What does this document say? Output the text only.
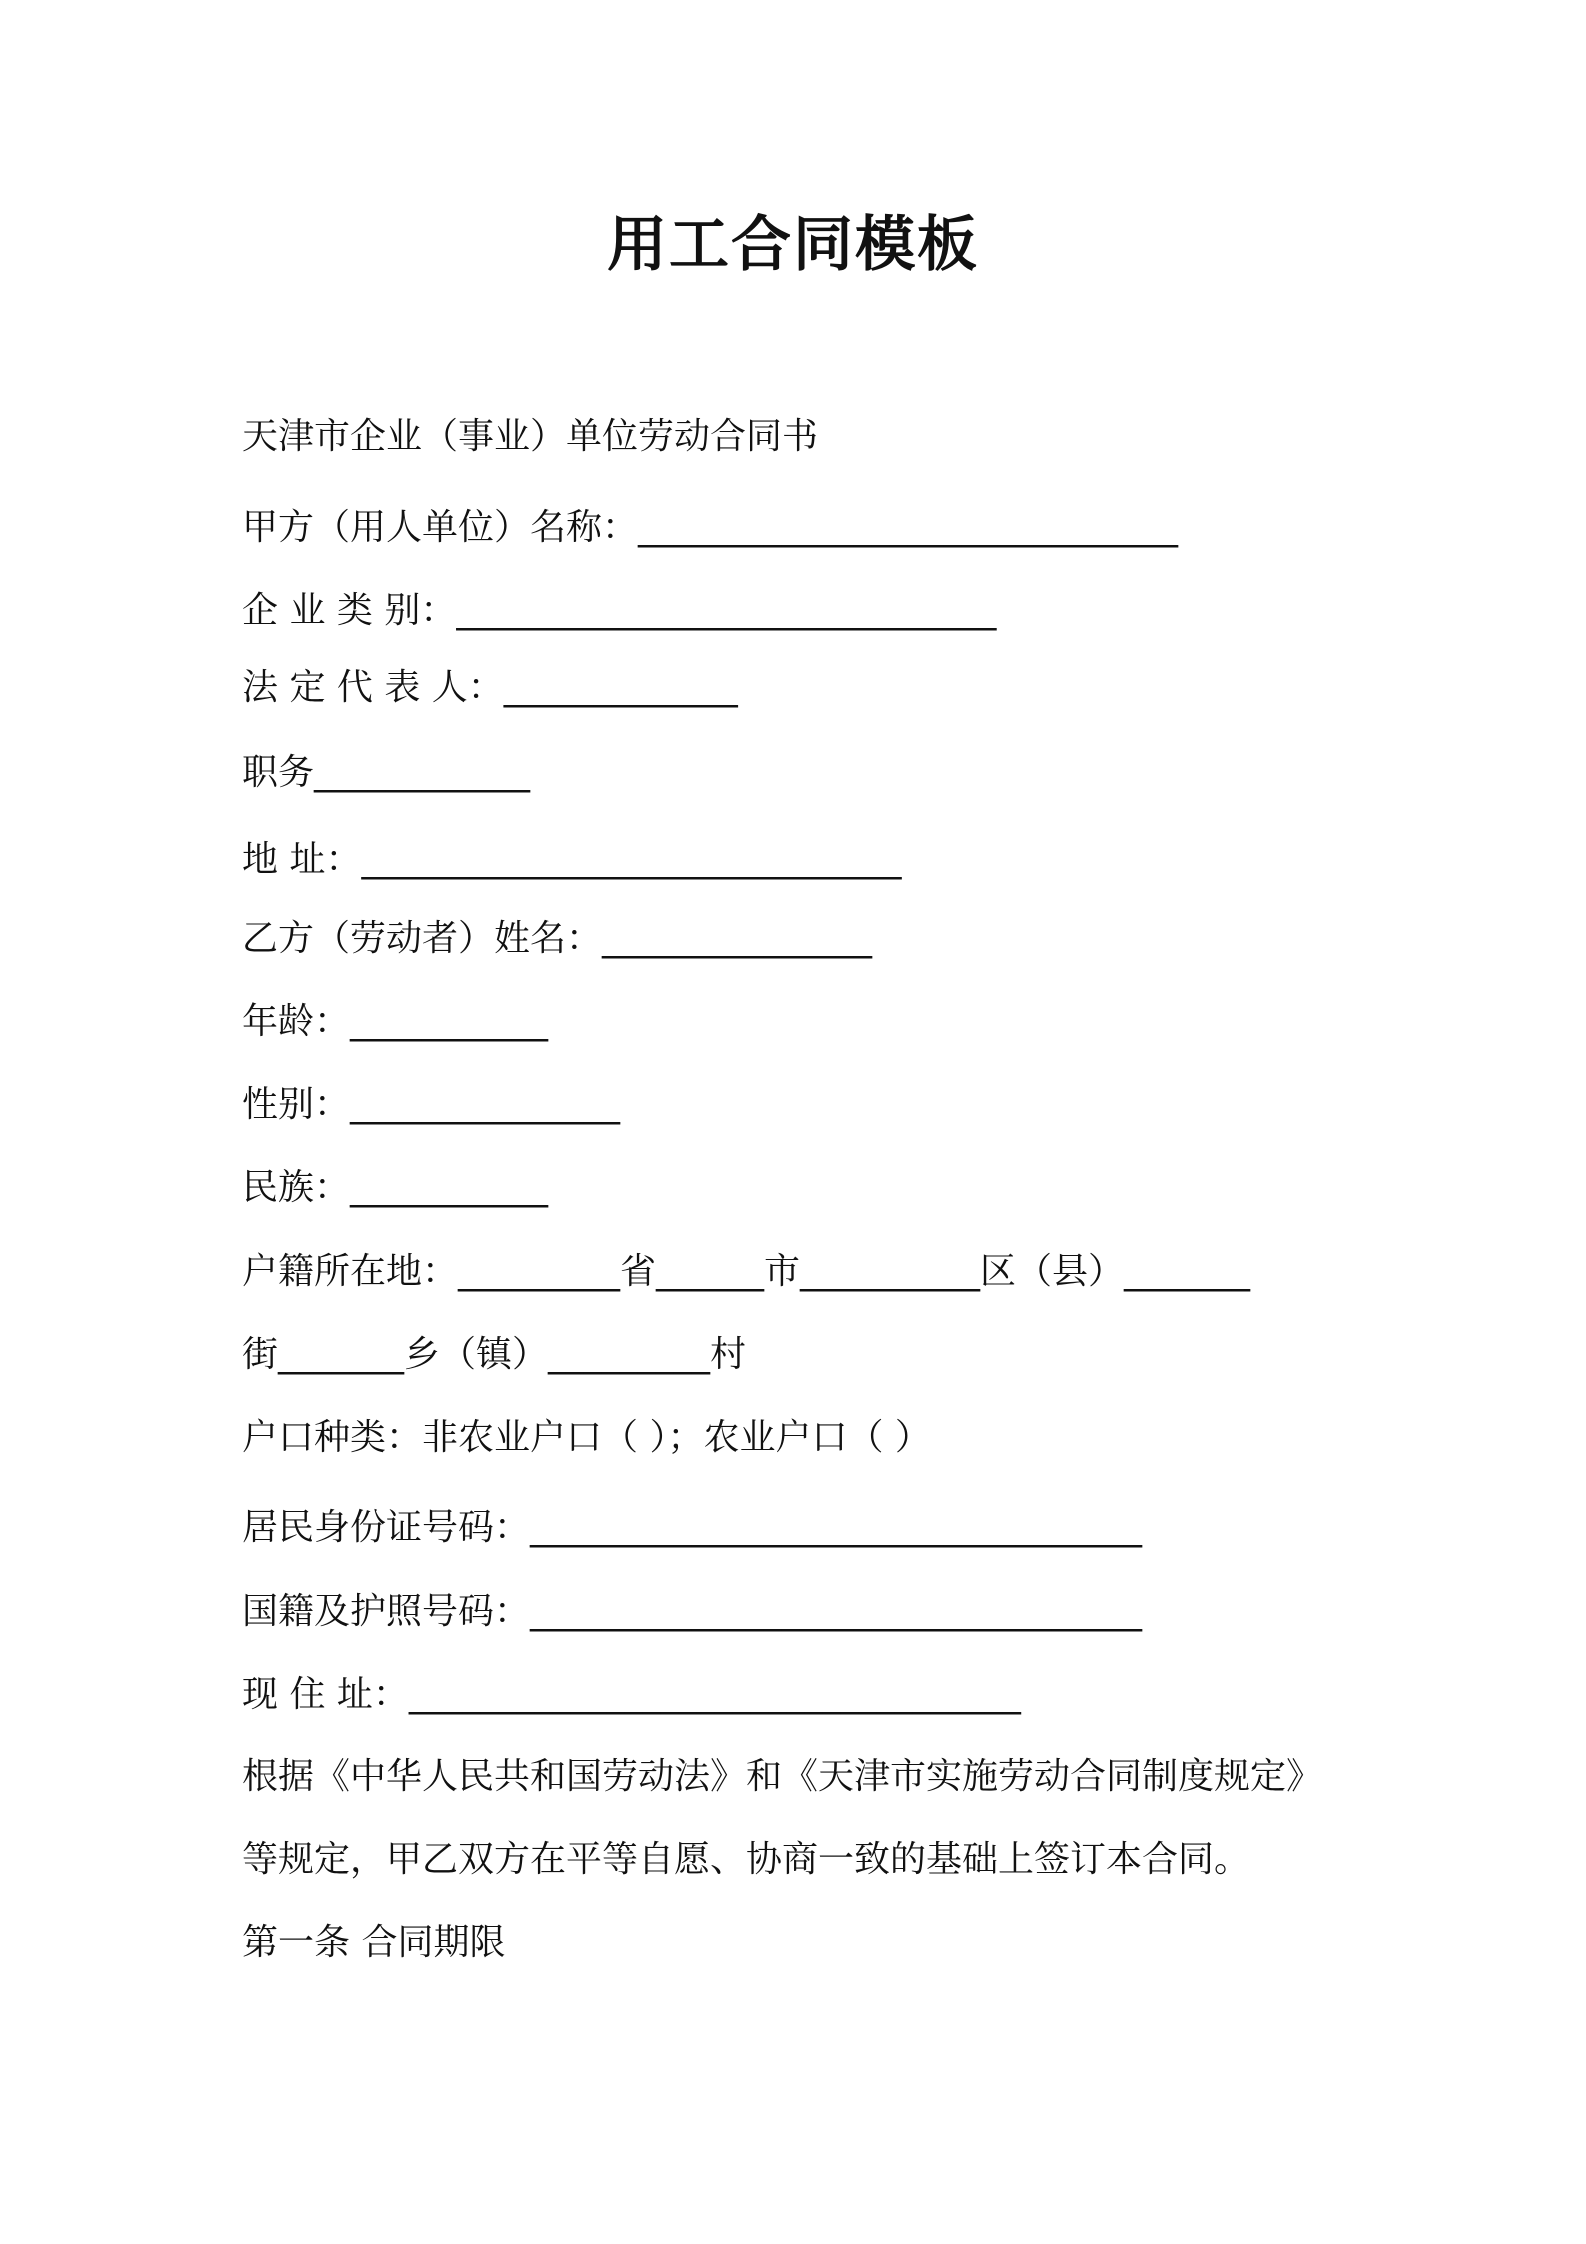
用工合同模板
天津市企业（事业）单位劳动合同书
甲方（用人单位）名称：______________________________
企 业 类 别：______________________________
法 定 代 表 人：_____________
职务____________
地 址：______________________________
乙方（劳动者）姓名：_______________
年龄：___________
性别：_______________
民族：___________
户籍所在地：_________省______市__________区（县）_______
街_______乡（镇）_________村
户口种类：非农业户口（ ）；农业户口（ ）
居民身份证号码：__________________________________
国籍及护照号码：__________________________________
现 住 址：__________________________________
根据《中华人民共和国劳动法》和《天津市实施劳动合同制度规定》
等规定，甲乙双方在平等自愿、协商一致的基础上签订本合同。
第一条 合同期限
